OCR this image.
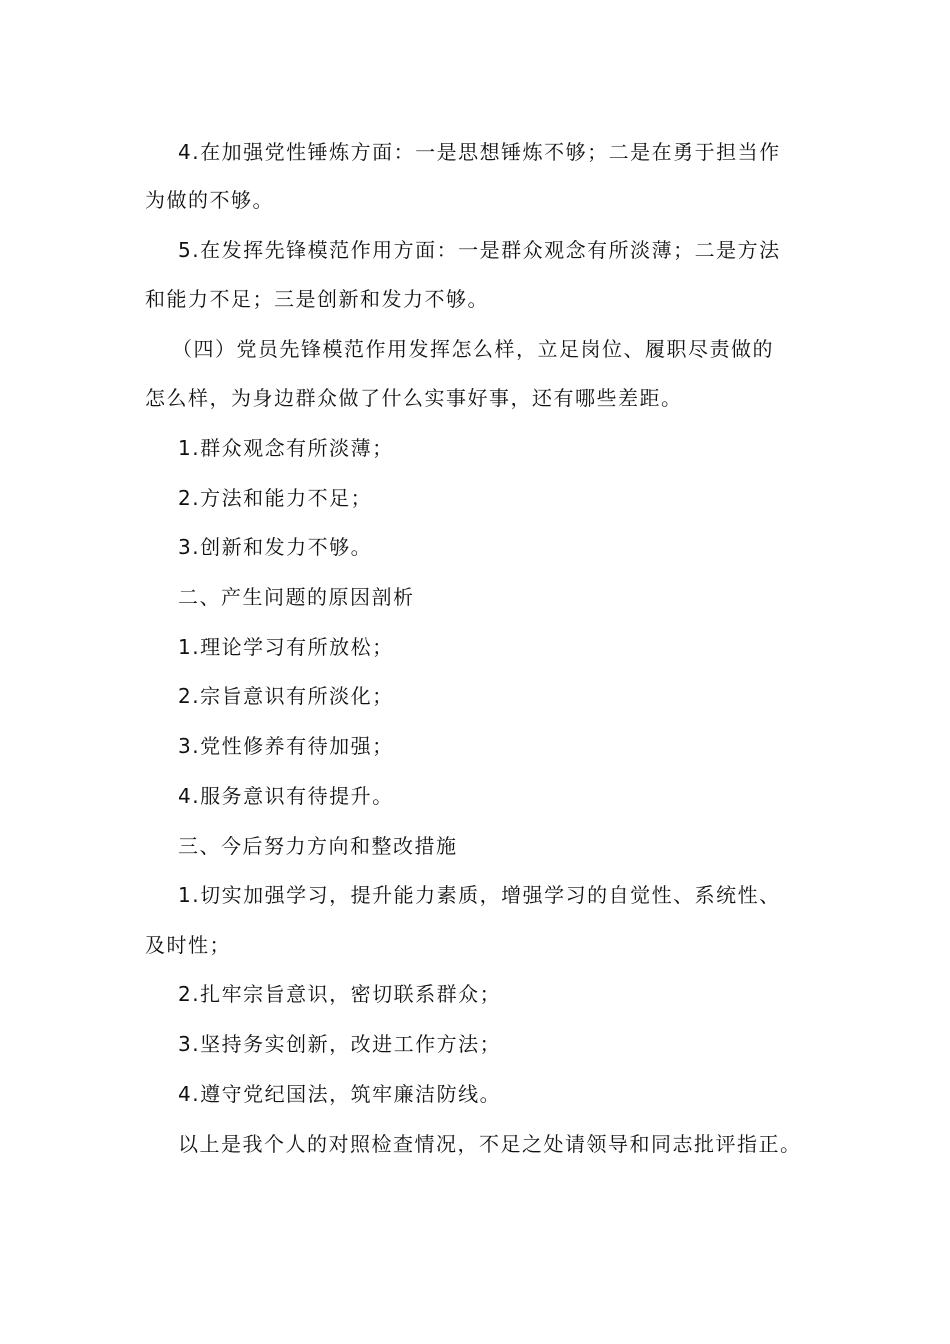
4.在加强党性锤炼方面：一是思想锤炼不够；二是在勇于担当作
为做的不够。
5.在发挥先锋模范作用方面：一是群众观念有所淡薄；二是方法
和能力不足；三是创新和发力不够。
（四）党员先锋模范作用发挥怎么样，立足岗位、履职尽责做的
怎么样，为身边群众做了什么实事好事，还有哪些差距。
1.群众观念有所淡薄；
2.方法和能力不足；
3.创新和发力不够。
二、产生问题的原因剖析
1.理论学习有所放松；
2.宗旨意识有所淡化；
3.党性修养有待加强；
4.服务意识有待提升。
三、今后努力方向和整改措施
1.切实加强学习，提升能力素质，增强学习的自觉性、系统性、
及时性；
2.扎牢宗旨意识，密切联系群众；
3.坚持务实创新，改进工作方法；
4.遵守党纪国法，筑牢廉洁防线。
以上是我个人的对照检查情况，不足之处请领导和同志批评指正。
